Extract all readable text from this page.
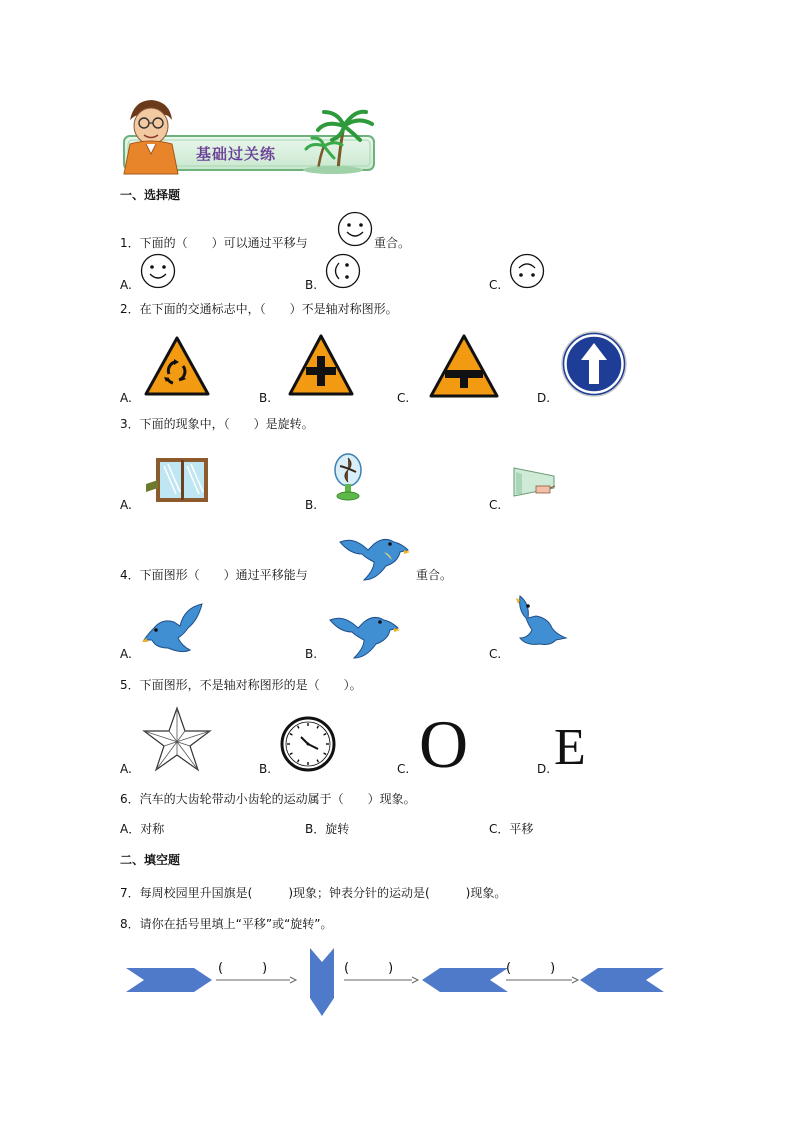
基础过关练
一、选择题
1．下面的（　　）可以通过平移与	重合。
A.	B.	C.
2．在下面的交通标志中，（　　）不是轴对称图形。
A.	B.	C.	D.
3．下面的现象中，（　　）是旋转。
A.	B.	C.
4．下面图形（　　）通过平移能与	重合。
A.	B.	C.
5．下面图形，不是轴对称图形的是（　　）。
A.	B.	C. O	D. E
6．汽车的大齿轮带动小齿轮的运动属于（　　）现象。
A．对称	B．旋转	C．平移
二、填空题
7．每周校园里升国旗是(　　　)现象；钟表分针的运动是(　　　)现象。
8．请你在括号里填上“平移”或“旋转”。
(　　　)	(　　　)	(　　　)
